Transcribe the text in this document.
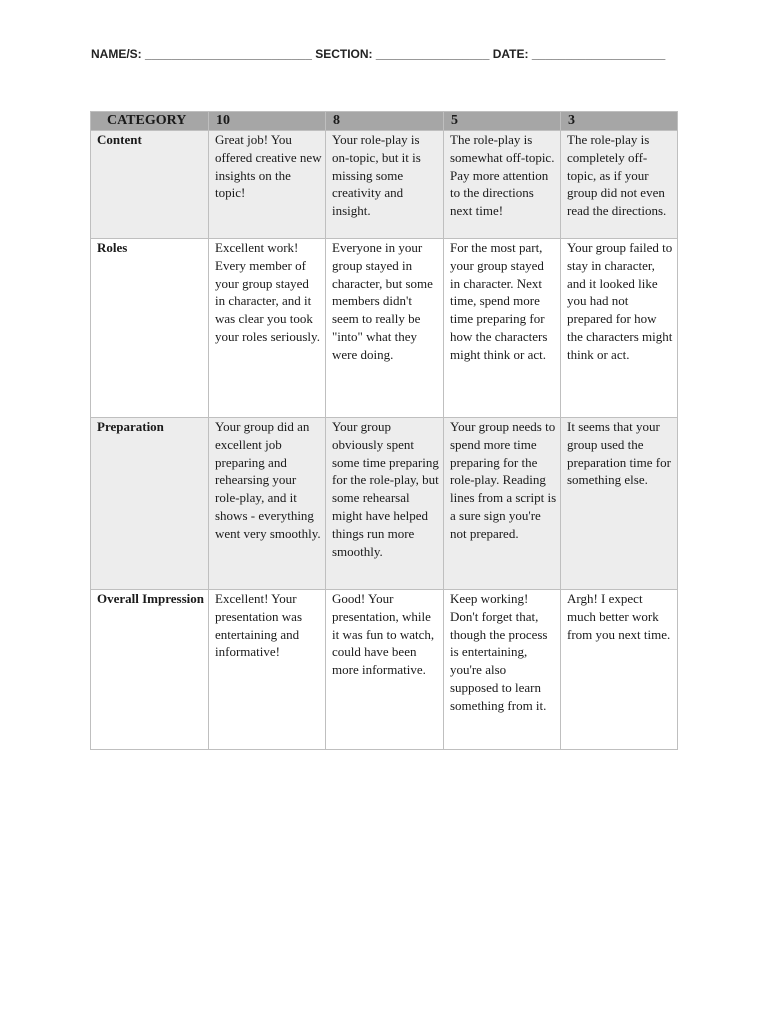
NAME/S: _________________________ SECTION: _________________ DATE: ____________________
CATEGORY	10	8	5	3
Content	Great job! You offered creative new insights on the topic!	Your role-play is on-topic, but it is missing some creativity and insight.	The role-play is somewhat off-topic. Pay more attention to the directions next time!	The role-play is completely off-topic, as if your group did not even read the directions.
Roles	Excellent work! Every member of your group stayed in character, and it was clear you took your roles seriously.	Everyone in your group stayed in character, but some members didn't seem to really be "into" what they were doing.	For the most part, your group stayed in character. Next time, spend more time preparing for how the characters might think or act.	Your group failed to stay in character, and it looked like you had not prepared for how the characters might think or act.
Preparation	Your group did an excellent job preparing and rehearsing your role-play, and it shows - everything went very smoothly.	Your group obviously spent some time preparing for the role-play, but some rehearsal might have helped things run more smoothly.	Your group needs to spend more time preparing for the role-play. Reading lines from a script is a sure sign you're not prepared.	It seems that your group used the preparation time for something else.
Overall Impression	Excellent! Your presentation was entertaining and informative!	Good! Your presentation, while it was fun to watch, could have been more informative.	Keep working! Don't forget that, though the process is entertaining, you're also supposed to learn something from it.	Argh! I expect much better work from you next time.
